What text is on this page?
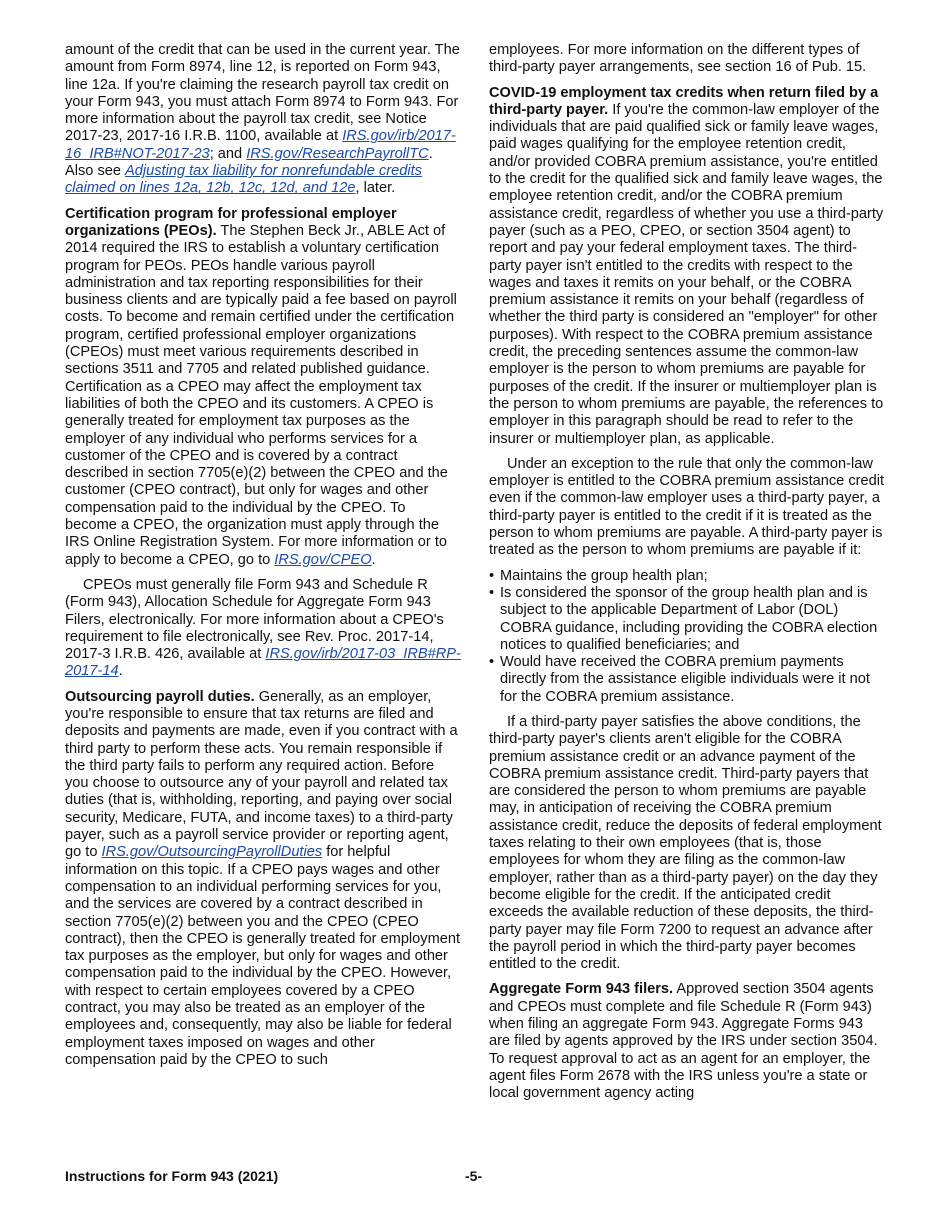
amount of the credit that can be used in the current year. The amount from Form 8974, line 12, is reported on Form 943, line 12a. If you're claiming the research payroll tax credit on your Form 943, you must attach Form 8974 to Form 943. For more information about the payroll tax credit, see Notice 2017-23, 2017-16 I.R.B. 1100, available at IRS.gov/irb/2017-16_IRB#NOT-2017-23; and IRS.gov/ResearchPayrollTC. Also see Adjusting tax liability for nonrefundable credits claimed on lines 12a, 12b, 12c, 12d, and 12e, later.

Certification program for professional employer organizations (PEOs). The Stephen Beck Jr., ABLE Act of 2014 required the IRS to establish a voluntary certification program for PEOs. PEOs handle various payroll administration and tax reporting responsibilities for their business clients and are typically paid a fee based on payroll costs. To become and remain certified under the certification program, certified professional employer organizations (CPEOs) must meet various requirements described in sections 3511 and 7705 and related published guidance. Certification as a CPEO may affect the employment tax liabilities of both the CPEO and its customers. A CPEO is generally treated for employment tax purposes as the employer of any individual who performs services for a customer of the CPEO and is covered by a contract described in section 7705(e)(2) between the CPEO and the customer (CPEO contract), but only for wages and other compensation paid to the individual by the CPEO. To become a CPEO, the organization must apply through the IRS Online Registration System. For more information or to apply to become a CPEO, go to IRS.gov/CPEO.

CPEOs must generally file Form 943 and Schedule R (Form 943), Allocation Schedule for Aggregate Form 943 Filers, electronically. For more information about a CPEO's requirement to file electronically, see Rev. Proc. 2017-14, 2017-3 I.R.B. 426, available at IRS.gov/irb/2017-03_IRB#RP-2017-14.

Outsourcing payroll duties. Generally, as an employer, you're responsible to ensure that tax returns are filed and deposits and payments are made, even if you contract with a third party to perform these acts. You remain responsible if the third party fails to perform any required action. Before you choose to outsource any of your payroll and related tax duties (that is, withholding, reporting, and paying over social security, Medicare, FUTA, and income taxes) to a third-party payer, such as a payroll service provider or reporting agent, go to IRS.gov/OutsourcingPayrollDuties for helpful information on this topic. If a CPEO pays wages and other compensation to an individual performing services for you, and the services are covered by a contract described in section 7705(e)(2) between you and the CPEO (CPEO contract), then the CPEO is generally treated for employment tax purposes as the employer, but only for wages and other compensation paid to the individual by the CPEO. However, with respect to certain employees covered by a CPEO contract, you may also be treated as an employer of the employees and, consequently, may also be liable for federal employment taxes imposed on wages and other compensation paid by the CPEO to such

employees. For more information on the different types of third-party payer arrangements, see section 16 of Pub. 15.

COVID-19 employment tax credits when return filed by a third-party payer. If you're the common-law employer of the individuals that are paid qualified sick or family leave wages, paid wages qualifying for the employee retention credit, and/or provided COBRA premium assistance, you're entitled to the credit for the qualified sick and family leave wages, the employee retention credit, and/or the COBRA premium assistance credit, regardless of whether you use a third-party payer (such as a PEO, CPEO, or section 3504 agent) to report and pay your federal employment taxes. The third-party payer isn't entitled to the credits with respect to the wages and taxes it remits on your behalf, or the COBRA premium assistance it remits on your behalf (regardless of whether the third party is considered an "employer" for other purposes). With respect to the COBRA premium assistance credit, the preceding sentences assume the common-law employer is the person to whom premiums are payable for purposes of the credit. If the insurer or multiemployer plan is the person to whom premiums are payable, the references to employer in this paragraph should be read to refer to the insurer or multiemployer plan, as applicable.

Under an exception to the rule that only the common-law employer is entitled to the COBRA premium assistance credit even if the common-law employer uses a third-party payer, a third-party payer is entitled to the credit if it is treated as the person to whom premiums are payable. A third-party payer is treated as the person to whom premiums are payable if it:

• Maintains the group health plan;
• Is considered the sponsor of the group health plan and is subject to the applicable Department of Labor (DOL) COBRA guidance, including providing the COBRA election notices to qualified beneficiaries; and
• Would have received the COBRA premium payments directly from the assistance eligible individuals were it not for the COBRA premium assistance.

If a third-party payer satisfies the above conditions, the third-party payer's clients aren't eligible for the COBRA premium assistance credit or an advance payment of the COBRA premium assistance credit. Third-party payers that are considered the person to whom premiums are payable may, in anticipation of receiving the COBRA premium assistance credit, reduce the deposits of federal employment taxes relating to their own employees (that is, those employees for whom they are filing as the common-law employer, rather than as a third-party payer) on the day they become eligible for the credit. If the anticipated credit exceeds the available reduction of these deposits, the third-party payer may file Form 7200 to request an advance after the payroll period in which the third-party payer becomes entitled to the credit.

Aggregate Form 943 filers. Approved section 3504 agents and CPEOs must complete and file Schedule R (Form 943) when filing an aggregate Form 943. Aggregate Forms 943 are filed by agents approved by the IRS under section 3504. To request approval to act as an agent for an employer, the agent files Form 2678 with the IRS unless you're a state or local government agency acting

Instructions for Form 943 (2021)	-5-
